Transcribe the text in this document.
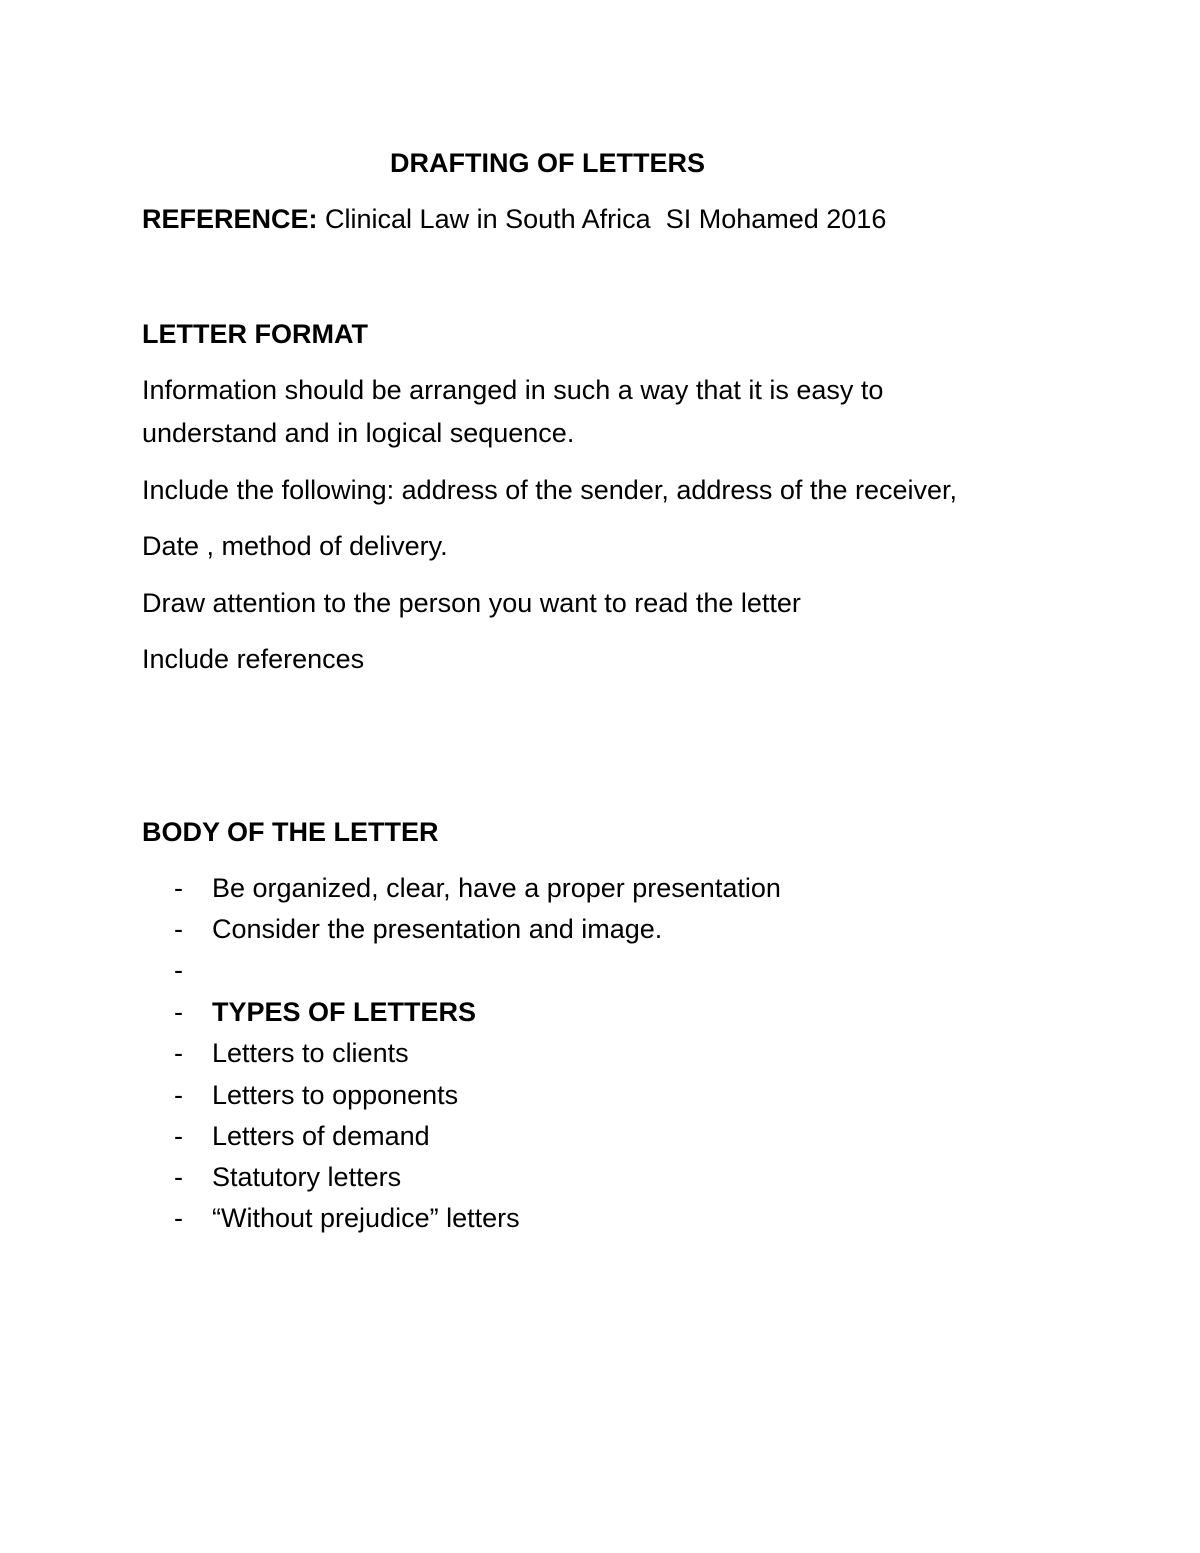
DRAFTING OF LETTERS
REFERENCE: Clinical Law in South Africa  SI Mohamed 2016
LETTER FORMAT
Information should be arranged in such a way that it is easy to
understand and in logical sequence.
Include the following: address of the sender, address of the receiver,
Date , method of delivery.
Draw attention to the person you want to read the letter
Include references
BODY OF THE LETTER
- Be organized, clear, have a proper presentation
- Consider the presentation and image.
-
- TYPES OF LETTERS
- Letters to clients
- Letters to opponents
- Letters of demand
- Statutory letters
- “Without prejudice” letters
